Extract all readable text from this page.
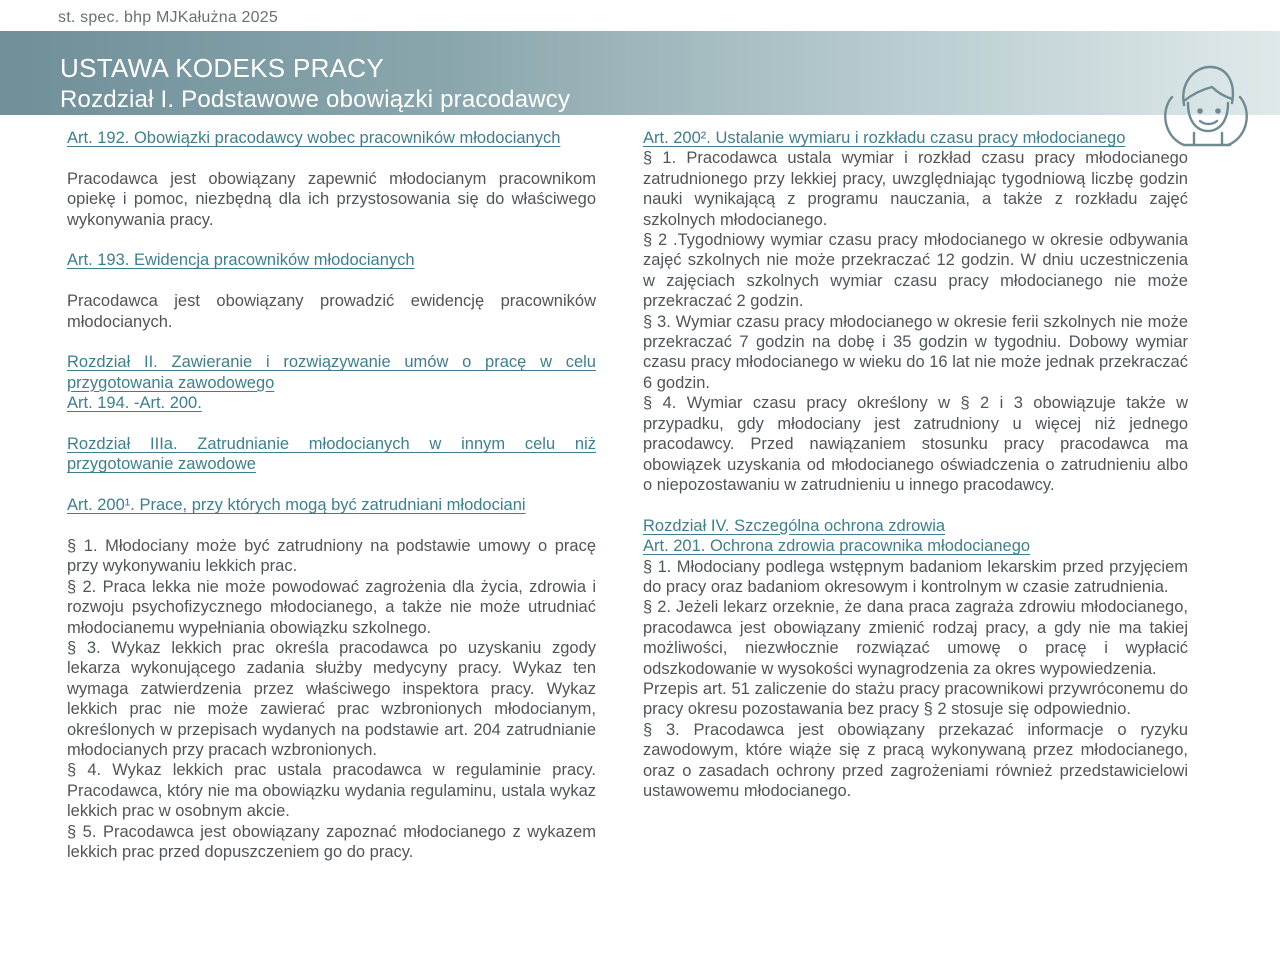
st. spec. bhp MJKałużna 2025
USTAWA KODEKS PRACY
Rozdział I. Podstawowe obowiązki pracodawcy

Art. 192. Obowiązki pracodawcy wobec pracowników młodocianych

Pracodawca jest obowiązany zapewnić młodocianym pracownikom opiekę i pomoc, niezbędną dla ich przystosowania się do właściwego wykonywania pracy.

Art. 193. Ewidencja pracowników młodocianych

Pracodawca jest obowiązany prowadzić ewidencję pracowników młodocianych.

Rozdział II. Zawieranie i rozwiązywanie umów o pracę w celu przygotowania zawodowego

Art. 194. -Art. 200.

Rozdział IIIa. Zatrudnianie młodocianych w innym celu niż przygotowanie zawodowe

Art. 200¹. Prace, przy których mogą być zatrudniani młodociani

§ 1. Młodociany może być zatrudniony na podstawie umowy o pracę przy wykonywaniu lekkich prac.

§ 2. Praca lekka nie może powodować zagrożenia dla życia, zdrowia i rozwoju psychofizycznego młodocianego, a także nie może utrudniać młodocianemu wypełniania obowiązku szkolnego.

§ 3. Wykaz lekkich prac określa pracodawca po uzyskaniu zgody lekarza wykonującego zadania służby medycyny pracy. Wykaz ten wymaga zatwierdzenia przez właściwego inspektora pracy. Wykaz lekkich prac nie może zawierać prac wzbronionych młodocianym, określonych w przepisach wydanych na podstawie art. 204 zatrudnianie młodocianych przy pracach wzbronionych.

§ 4. Wykaz lekkich prac ustala pracodawca w regulaminie pracy. Pracodawca, który nie ma obowiązku wydania regulaminu, ustala wykaz lekkich prac w osobnym akcie.

§ 5. Pracodawca jest obowiązany zapoznać młodocianego z wykazem lekkich prac przed dopuszczeniem go do pracy.

Art. 200². Ustalanie wymiaru i rozkładu czasu pracy młodocianego

§ 1. Pracodawca ustala wymiar i rozkład czasu pracy młodocianego zatrudnionego przy lekkiej pracy, uwzględniając tygodniową liczbę godzin nauki wynikającą z programu nauczania, a także z rozkładu zajęć szkolnych młodocianego.

§ 2 .Tygodniowy wymiar czasu pracy młodocianego w okresie odbywania zajęć szkolnych nie może przekraczać 12 godzin. W dniu uczestniczenia w zajęciach szkolnych wymiar czasu pracy młodocianego nie może przekraczać 2 godzin.

§ 3. Wymiar czasu pracy młodocianego w okresie ferii szkolnych nie może przekraczać 7 godzin na dobę i 35 godzin w tygodniu. Dobowy wymiar czasu pracy młodocianego w wieku do 16 lat nie może jednak przekraczać 6 godzin.

§ 4. Wymiar czasu pracy określony w § 2 i 3 obowiązuje także w przypadku, gdy młodociany jest zatrudniony u więcej niż jednego pracodawcy. Przed nawiązaniem stosunku pracy pracodawca ma obowiązek uzyskania od młodocianego oświadczenia o zatrudnieniu albo o niepozostawaniu w zatrudnieniu u innego pracodawcy.

Rozdział IV. Szczególna ochrona zdrowia

Art. 201. Ochrona zdrowia pracownika młodocianego

§ 1. Młodociany podlega wstępnym badaniom lekarskim przed przyjęciem do pracy oraz badaniom okresowym i kontrolnym w czasie zatrudnienia.

§ 2. Jeżeli lekarz orzeknie, że dana praca zagraża zdrowiu młodocianego, pracodawca jest obowiązany zmienić rodzaj pracy, a gdy nie ma takiej możliwości, niezwłocznie rozwiązać umowę o pracę i wypłacić odszkodowanie w wysokości wynagrodzenia za okres wypowiedzenia.

Przepis art. 51 zaliczenie do stażu pracy pracownikowi przywróconemu do pracy okresu pozostawania bez pracy § 2 stosuje się odpowiednio.

§ 3. Pracodawca jest obowiązany przekazać informacje o ryzyku zawodowym, które wiąże się z pracą wykonywaną przez młodocianego, oraz o zasadach ochrony przed zagrożeniami również przedstawicielowi ustawowemu młodocianego.
